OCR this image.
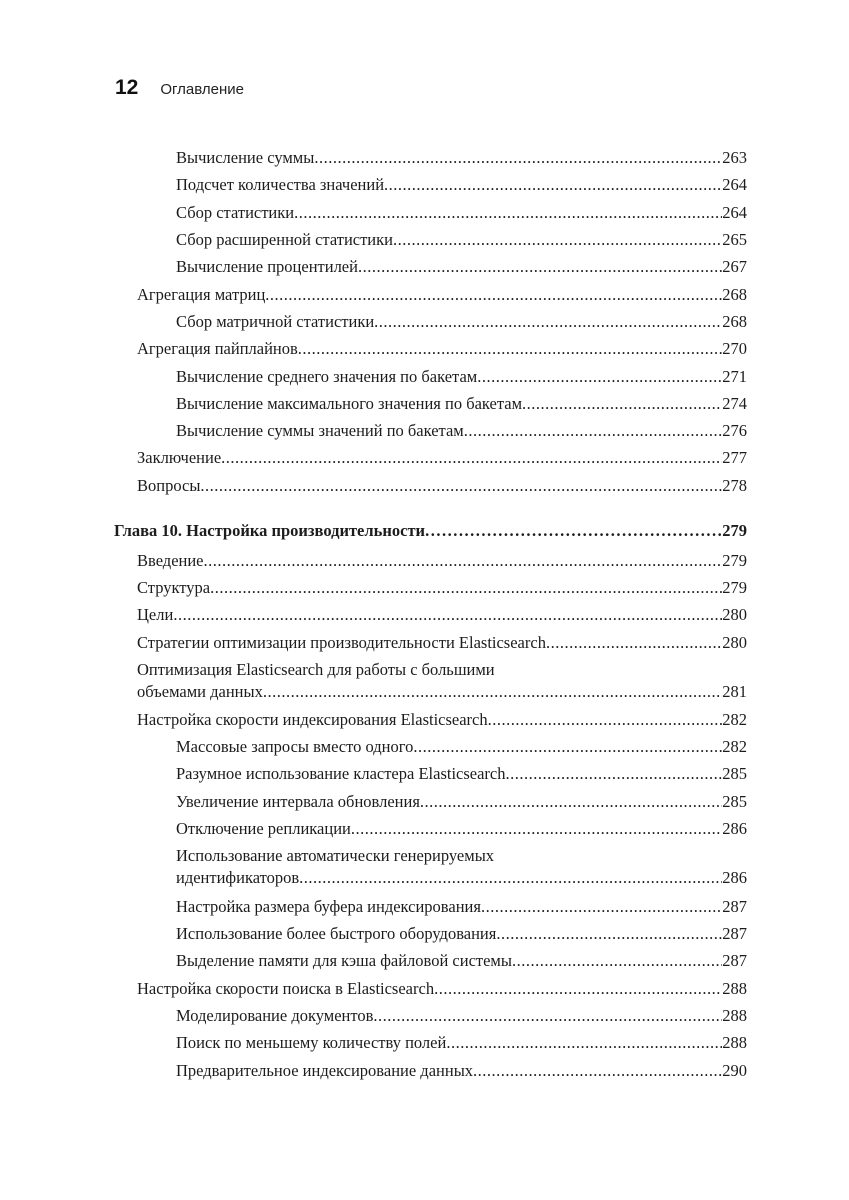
12 Оглавление
Вычисление суммы .....	263
Подсчет количества значений .....	264
Сбор статистики .....	264
Сбор расширенной статистики .....	265
Вычисление процентилей .....	267
Агрегация матриц .....	268
Сбор матричной статистики .....	268
Агрегация пайплайнов .....	270
Вычисление среднего значения по бакетам .....	271
Вычисление максимального значения по бакетам .....	274
Вычисление суммы значений по бакетам .....	276
Заключение .....	277
Вопросы .....	278
Глава 10. Настройка производительности .....	279
Введение .....	279
Структура .....	279
Цели .....	280
Стратегии оптимизации производительности Elasticsearch .....	280
Оптимизация Elasticsearch для работы с большими
объемами данных .....	281
Настройка скорости индексирования Elasticsearch .....	282
Массовые запросы вместо одного .....	282
Разумное использование кластера Elasticsearch .....	285
Увеличение интервала обновления .....	285
Отключение репликации .....	286
Использование автоматически генерируемых
идентификаторов .....	286
Настройка размера буфера индексирования .....	287
Использование более быстрого оборудования .....	287
Выделение памяти для кэша файловой системы .....	287
Настройка скорости поиска в Elasticsearch .....	288
Моделирование документов .....	288
Поиск по меньшему количеству полей .....	288
Предварительное индексирование данных .....	290
